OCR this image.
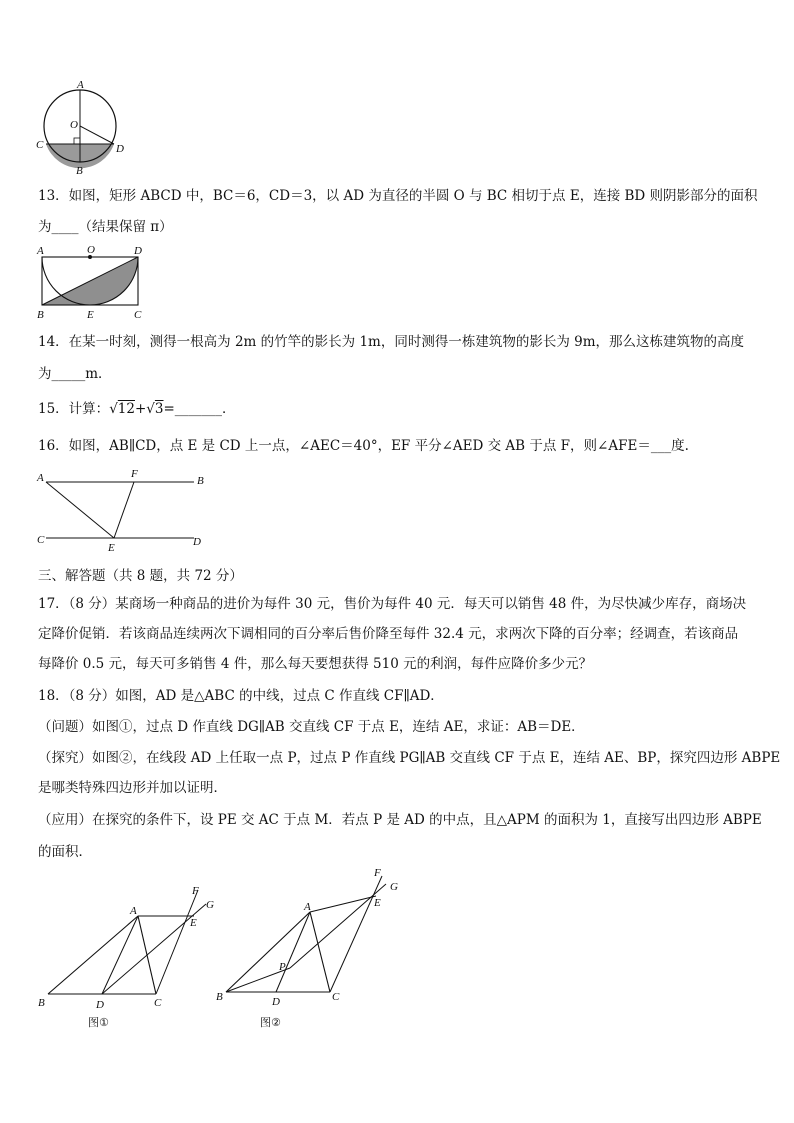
A
O
C	D
B
13．如图，矩形 ABCD 中，BC＝6，CD＝3，以 AD 为直径的半圆 O 与 BC 相切于点 E，连接 BD 则阴影部分的面积
为____（结果保留 π）
A	O	D
B	E	C
14．在某一时刻，测得一根高为 2m 的竹竿的影长为 1m，同时测得一栋建筑物的影长为 9m，那么这栋建筑物的高度
为_____m．
15．计算：√12+√3=_______．
16．如图，AB∥CD，点 E 是 CD 上一点，∠AEC＝40°，EF 平分∠AED 交 AB 于点 F，则∠AFE＝___度.
A	F
B
C
E	D
三、解答题（共 8 题，共 72 分）
17．（8 分）某商场一种商品的进价为每件 30 元，售价为每件 40 元．每天可以销售 48 件，为尽快减少库存，商场决
定降价促销．若该商品连续两次下调相同的百分率后售价降至每件 32.4 元，求两次下降的百分率；经调查，若该商品
每降价 0.5 元，每天可多销售 4 件，那么每天要想获得 510 元的利润，每件应降价多少元？
18．（8 分）如图，AD 是△ABC 的中线，过点 C 作直线 CF∥AD．
（问题）如图①，过点 D 作直线 DG∥AB 交直线 CF 于点 E，连结 AE，求证：AB＝DE．
（探究）如图②，在线段 AD 上任取一点 P，过点 P 作直线 PG∥AB 交直线 CF 于点 E，连结 AE、BP，探究四边形 ABPE
是哪类特殊四边形并加以证明．
（应用）在探究的条件下，设 PE 交 AC 于点 M．若点 P 是 AD 的中点，且△APM 的面积为 1，直接写出四边形 ABPE
的面积．
F
G
A
E
B	D	C
图①
F
G
A	E
P
B	D	C
图②
